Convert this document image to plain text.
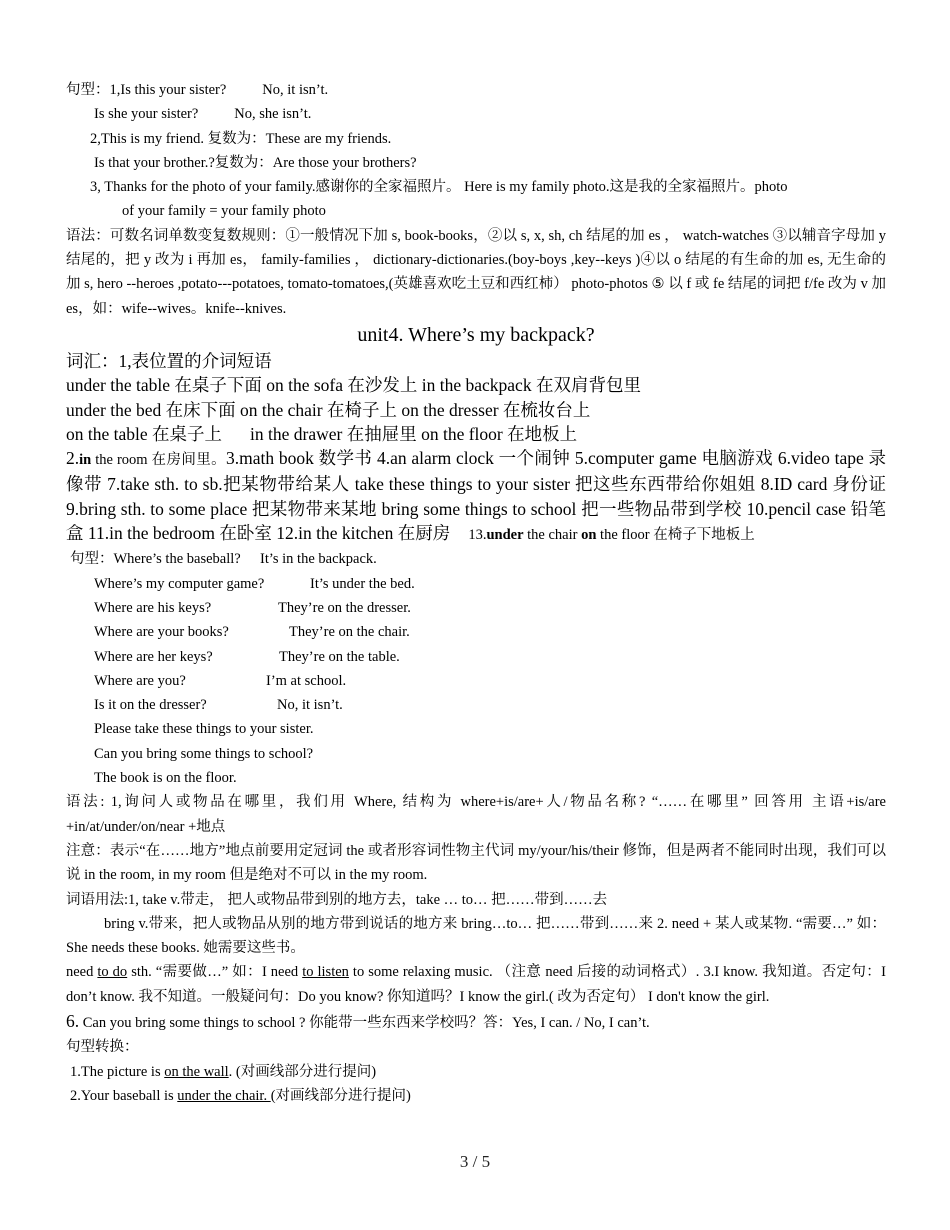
句型：1,Is this your sister? No, it isn’t.
Is she your sister? No, she isn’t.
2,This is my friend. 复数为：These are my friends.
Is that your brother.?复数为：Are those your brothers?
3, Thanks for the photo of your family.感谢你的全家福照片。 Here is my family photo.这是我的全家福照片。photo
of your family = your family photo
语法：可数名词单数变复数规则：①一般情况下加 s, book-books，②以 s, x, sh, ch 结尾的加 es ， watch-watches ③以辅音字母加 y 结尾的，把 y 改为 i 再加 es， family-families ， dictionary-dictionaries.(boy-boys ,key--keys )④以 o 结尾的有生命的加 es, 无生命的加 s, hero --heroes ,potato---potatoes, tomato-tomatoes,(英雄喜欢吃土豆和西红柿） photo-photos ⑤ 以 f 或 fe 结尾的词把 f/fe 改为 v 加 es，如：wife--wives。knife--knives.
unit4. Where’s my backpack?
词汇：1,表位置的介词短语
under the table 在桌子下面 on the sofa 在沙发上 in the backpack 在双肩背包里
under the bed 在床下面 on the chair 在椅子上 on the dresser 在梳妆台上
on the table 在桌子上 in the drawer 在抽屉里 on the floor 在地板上
2.in the room 在房间里。3.math book 数学书 4.an alarm clock 一个闹钟 5.computer game 电脑游戏 6.video tape 录像带 7.take sth. to sb.把某物带给某人 take these things to your sister 把这些东西带给你姐姐 8.ID card 身份证 9.bring sth. to some place 把某物带来某地 bring some things to school 把一些物品带到学校 10.pencil case 铅笔盒 11.in the bedroom 在卧室 12.in the kitchen 在厨房 13.under the chair on the floor 在椅子下地板上
句型：Where’s the baseball? It’s in the backpack.
Where’s my computer game?	It’s under the bed.
Where are his keys?	They’re on the dresser.
Where are your books?	They’re on the chair.
Where are her keys?	They’re on the table.
Where are you?	I’m at school.
Is it on the dresser?	No, it isn’t.
Please take these things to your sister.
Can you bring some things to school?
The book is on the floor.
语法: 1,询问人或物品在哪里，我们用 Where, 结构为 where+is/are+人/物品名称? “……在哪里” 回答用 主语+is/are +in/at/under/on/near +地点
注意：表示“在……地方”地点前要用定冠词 the 或者形容词性物主代词 my/your/his/their 修饰，但是两者不能同时出现，我们可以说 in the room, in my room 但是绝对不可以 in the my room.
词语用法:1, take v.带走， 把人或物品带到别的地方去，take … to… 把……带到……去
bring v.带来，把人或物品从别的地方带到说话的地方来 bring…to… 把……带到……来 2. need + 某人或某物. “需要…” 如：She needs these books. 她需要这些书。
need to do sth. “需要做…” 如：I need to listen to some relaxing music. （注意 need 后接的动词格式）. 3.I know. 我知道。否定句：I don’t know. 我不知道。一般疑问句：Do you know? 你知道吗？I know the girl.( 改为否定句） I don't know the girl.
6. Can you bring some things to school ? 你能带一些东西来学校吗？答：Yes, I can. / No, I can’t.
句型转换：
1.The picture is on the wall. (对画线部分进行提问)
2.Your baseball is under the chair. (对画线部分进行提问)
3 / 5
